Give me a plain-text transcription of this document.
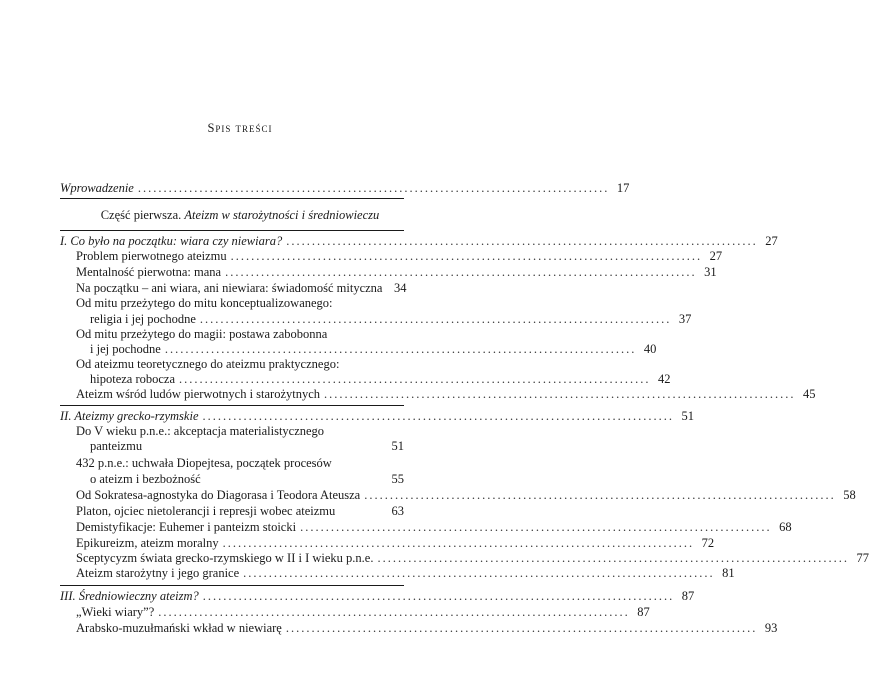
Spis treści
Wprowadzenie ............................................................................................ 17
Część pierwsza. Ateizm w starożytności i średniowieczu
I. Co było na początku: wiara czy niewiara? ............................................................................................ 27
Problem pierwotnego ateizmu ............................................................................................ 27
Mentalność pierwotna: mana ............................................................................................ 31
Na początku – ani wiara, ani niewiara: świadomość mityczna 34
Od mitu przeżytego do mitu konceptualizowanego:
religia i jej pochodne ............................................................................................ 37
Od mitu przeżytego do magii: postawa zabobonna
i jej pochodne ............................................................................................ 40
Od ateizmu teoretycznego do ateizmu praktycznego:
hipoteza robocza ............................................................................................ 42
Ateizm wśród ludów pierwotnych i starożytnych ............................................................................................ 45
II. Ateizmy grecko-rzymskie ............................................................................................ 51
Do V wieku p.n.e.: akceptacja materialistycznego
panteizmu	51
432 p.n.e.: uchwała Diopejtesa, początek procesów
o ateizm i bezbożność	55
Od Sokratesa-agnostyka do Diagorasa i Teodora Ateusza ............................................................................................ 58
Platon, ojciec nietolerancji i represji wobec ateizmu	63
Demistyfikacje: Euhemer i panteizm stoicki ............................................................................................ 68
Epikureizm, ateizm moralny ............................................................................................ 72
Sceptycyzm świata grecko-rzymskiego w II i I wieku p.n.e. ............................................................................................ 77
Ateizm starożytny i jego granice ............................................................................................ 81
III. Średniowieczny ateizm? ............................................................................................ 87
„Wieki wiary”? ............................................................................................ 87
Arabsko-muzułmański wkład w niewiarę ............................................................................................ 93
